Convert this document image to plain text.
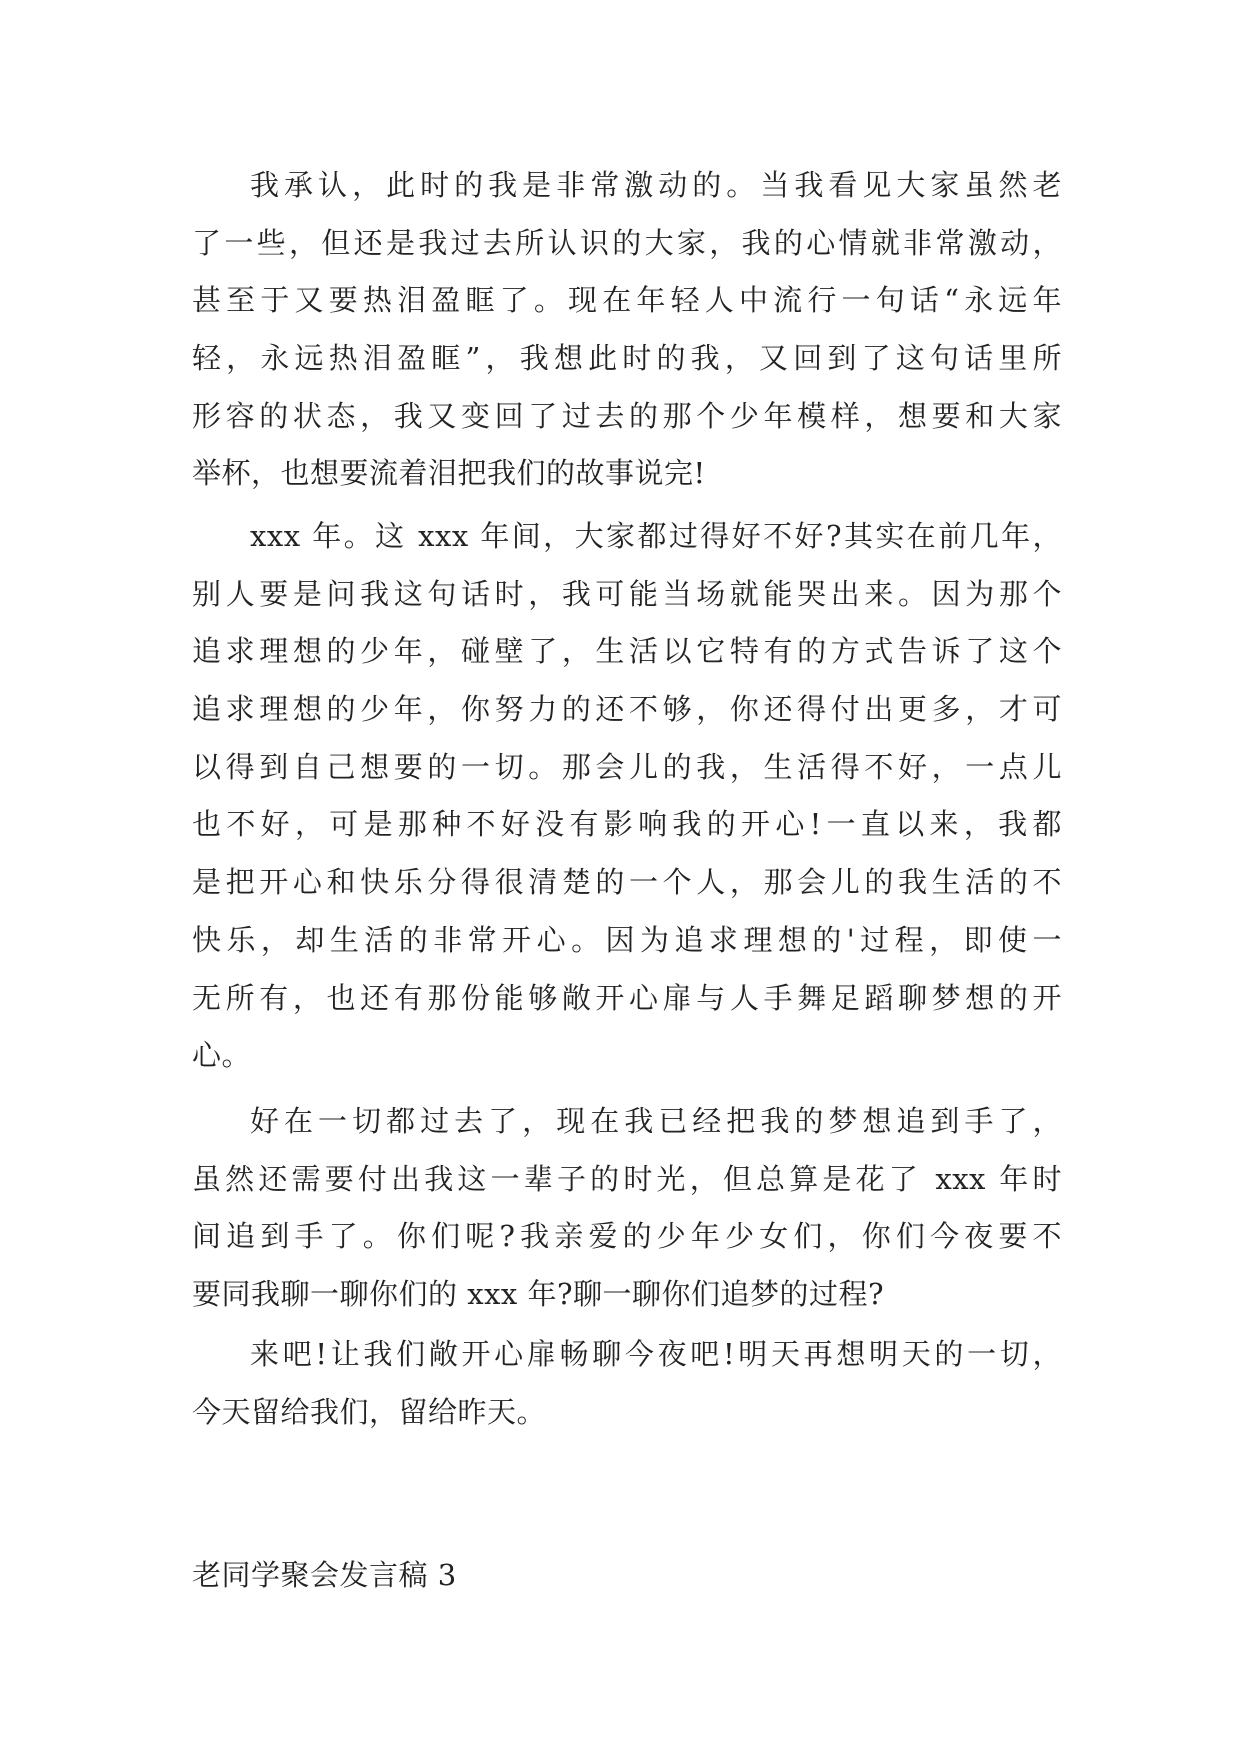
我承认，此时的我是非常激动的。当我看见大家虽然老
了一些，但还是我过去所认识的大家，我的心情就非常激动，
甚至于又要热泪盈眶了。现在年轻人中流行一句话“永远年
轻，永远热泪盈眶”，我想此时的我，又回到了这句话里所
形容的状态，我又变回了过去的那个少年模样，想要和大家
举杯，也想要流着泪把我们的故事说完!
xxx 年。这 xxx 年间，大家都过得好不好?其实在前几年，
别人要是问我这句话时，我可能当场就能哭出来。因为那个
追求理想的少年，碰壁了，生活以它特有的方式告诉了这个
追求理想的少年，你努力的还不够，你还得付出更多，才可
以得到自己想要的一切。那会儿的我，生活得不好，一点儿
也不好，可是那种不好没有影响我的开心!一直以来，我都
是把开心和快乐分得很清楚的一个人，那会儿的我生活的不
快乐，却生活的非常开心。因为追求理想的'过程，即使一
无所有，也还有那份能够敞开心扉与人手舞足蹈聊梦想的开
心。
好在一切都过去了，现在我已经把我的梦想追到手了，
虽然还需要付出我这一辈子的时光，但总算是花了 xxx 年时
间追到手了。你们呢?我亲爱的少年少女们，你们今夜要不
要同我聊一聊你们的 xxx 年?聊一聊你们追梦的过程?
来吧!让我们敞开心扉畅聊今夜吧!明天再想明天的一切，
今天留给我们，留给昨天。
老同学聚会发言稿 3
